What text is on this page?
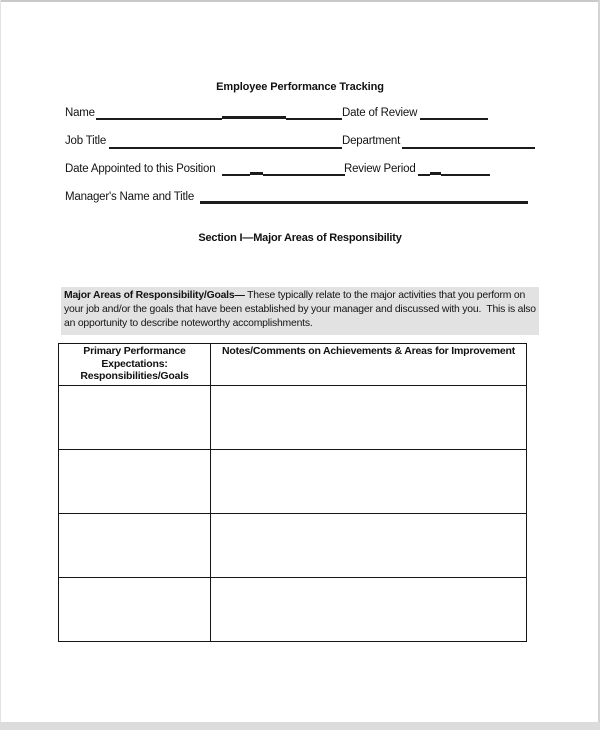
Employee Performance Tracking
Name	Date of Review
Job Title	Department
Date Appointed to this Position	Review Period
Manager's Name and Title
Section I—Major Areas of Responsibility

Major Areas of Responsibility/Goals— These typically relate to the major activities that you perform on your job and/or the goals that have been established by your manager and discussed with you.  This is also an opportunity to describe noteworthy accomplishments.

Primary Performance Expectations: Responsibilities/Goals	Notes/Comments on Achievements & Areas for Improvement
